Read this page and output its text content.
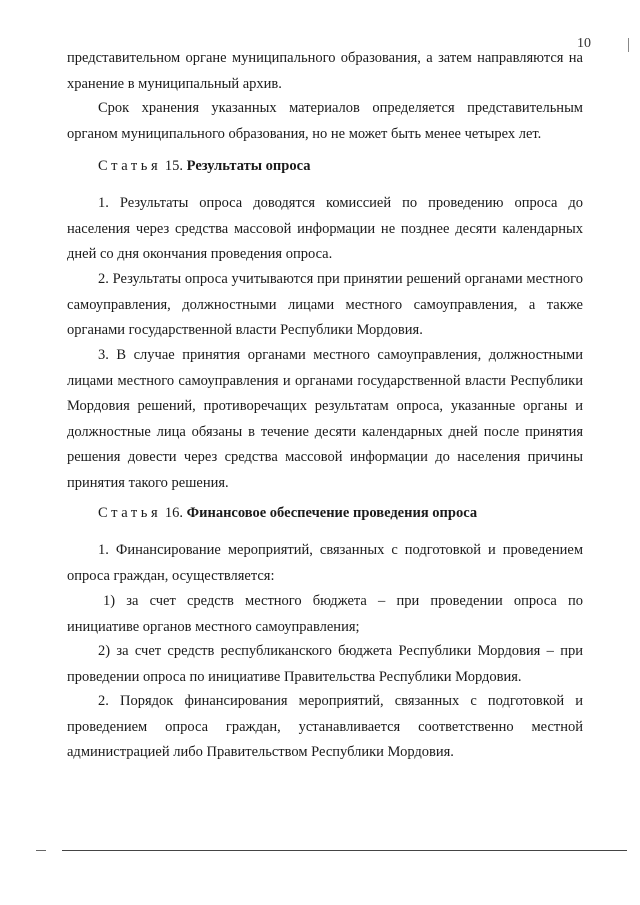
10

представительном органе муниципального образования, а затем направляются на хранение в муниципальный архив.

Срок хранения указанных материалов определяется представительным органом муниципального образования, но не может быть менее четырех лет.

Статья 15. Результаты опроса

1. Результаты опроса доводятся комиссией по проведению опроса до населения через средства массовой информации не позднее десяти календарных дней со дня окончания проведения опроса.

2. Результаты опроса учитываются при принятии решений органами местного самоуправления, должностными лицами местного самоуправления, а также органами государственной власти Республики Мордовия.

3. В случае принятия органами местного самоуправления, должностными лицами местного самоуправления и органами государственной власти Республики Мордовия решений, противоречащих результатам опроса, указанные органы и должностные лица обязаны в течение десяти календарных дней после принятия решения довести через средства массовой информации до населения причины принятия такого решения.

Статья 16. Финансовое обеспечение проведения опроса

1. Финансирование мероприятий, связанных с подготовкой и проведением опроса граждан, осуществляется:

1) за счет средств местного бюджета – при проведении опроса по инициативе органов местного самоуправления;

2) за счет средств республиканского бюджета Республики Мордовия – при проведении опроса по инициативе Правительства Республики Мордовия.

2. Порядок финансирования мероприятий, связанных с подготовкой и проведением опроса граждан, устанавливается соответственно местной администрацией либо Правительством Республики Мордовия.
